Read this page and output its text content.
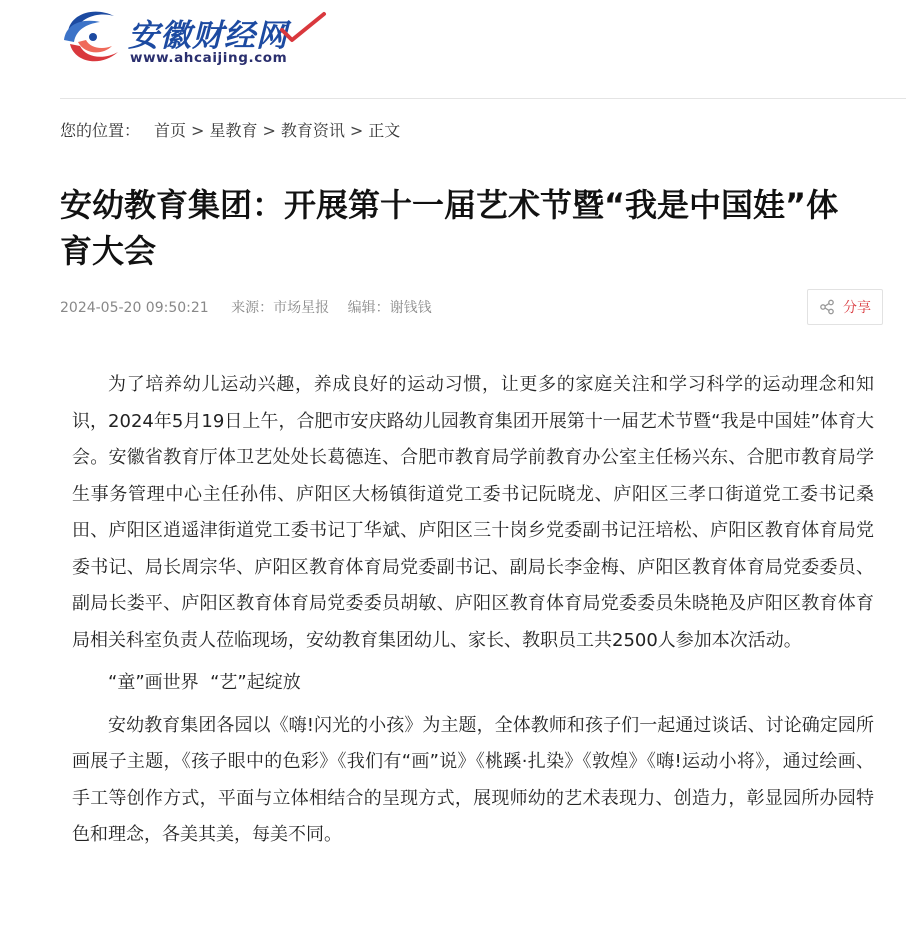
安徽财经网
www.ahcaijing.com
您的位置： 首页 > 星教育 > 教育资讯 > 正文
安幼教育集团：开展第十一届艺术节暨“我是中国娃”体育大会
2024-05-20 09:50:21 来源：市场星报 编辑：谢钱钱	分享

为了培养幼儿运动兴趣，养成良好的运动习惯，让更多的家庭关注和学习科学的运动理念和知识，2024年5月19日上午，合肥市安庆路幼儿园教育集团开展第十一届艺术节暨“我是中国娃”体育大会。安徽省教育厅体卫艺处处长葛德连、合肥市教育局学前教育办公室主任杨兴东、合肥市教育局学生事务管理中心主任孙伟、庐阳区大杨镇街道党工委书记阮晓龙、庐阳区三孝口街道党工委书记桑田、庐阳区逍遥津街道党工委书记丁华斌、庐阳区三十岗乡党委副书记汪培松、庐阳区教育体育局党委书记、局长周宗华、庐阳区教育体育局党委副书记、副局长李金梅、庐阳区教育体育局党委委员、副局长娄平、庐阳区教育体育局党委委员胡敏、庐阳区教育体育局党委委员朱晓艳及庐阳区教育体育局相关科室负责人莅临现场，安幼教育集团幼儿、家长、教职员工共2500人参加本次活动。

“童”画世界  “艺”起绽放

安幼教育集团各园以《嗨!闪光的小孩》为主题，全体教师和孩子们一起通过谈话、讨论确定园所画展子主题，《孩子眼中的色彩》《我们有“画”说》《桃蹊·扎染》《敦煌》《嗨!运动小将》，通过绘画、手工等创作方式，平面与立体相结合的呈现方式，展现师幼的艺术表现力、创造力，彰显园所办园特色和理念，各美其美，每美不同。
